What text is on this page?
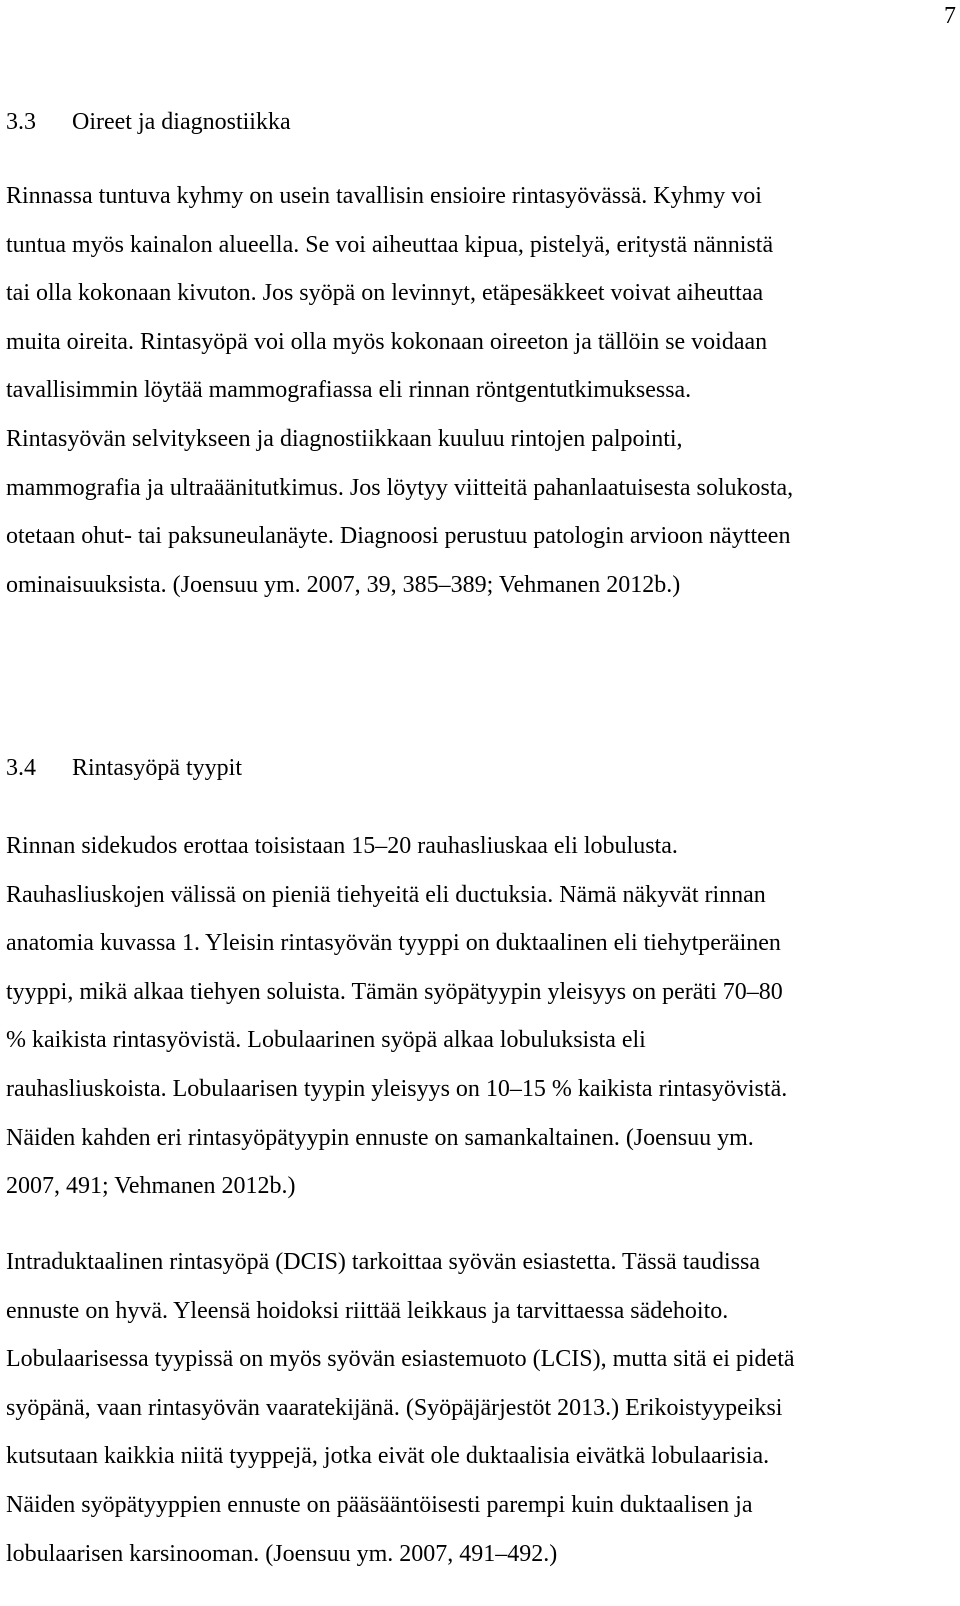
7
3.3 Oireet ja diagnostiikka
Rinnassa tuntuva kyhmy on usein tavallisin ensioire rintasyövässä. Kyhmy voi
tuntua myös kainalon alueella. Se voi aiheuttaa kipua, pistelyä, eritystä nännistä
tai olla kokonaan kivuton. Jos syöpä on levinnyt, etäpesäkkeet voivat aiheuttaa
muita oireita. Rintasyöpä voi olla myös kokonaan oireeton ja tällöin se voidaan
tavallisimmin löytää mammografiassa eli rinnan röntgentutkimuksessa.
Rintasyövän selvitykseen ja diagnostiikkaan kuuluu rintojen palpointi,
mammografia ja ultraäänitutkimus. Jos löytyy viitteitä pahanlaatuisesta solukosta,
otetaan ohut- tai paksuneulanäyte. Diagnoosi perustuu patologin arvioon näytteen
ominaisuuksista. (Joensuu ym. 2007, 39, 385–389; Vehmanen 2012b.)
3.4 Rintasyöpä tyypit
Rinnan sidekudos erottaa toisistaan 15–20 rauhasliuskaa eli lobulusta.
Rauhasliuskojen välissä on pieniä tiehyeitä eli ductuksia. Nämä näkyvät rinnan
anatomia kuvassa 1. Yleisin rintasyövän tyyppi on duktaalinen eli tiehytperäinen
tyyppi, mikä alkaa tiehyen soluista. Tämän syöpätyypin yleisyys on peräti 70–80
% kaikista rintasyövistä. Lobulaarinen syöpä alkaa lobuluksista eli
rauhasliuskoista. Lobulaarisen tyypin yleisyys on 10–15 % kaikista rintasyövistä.
Näiden kahden eri rintasyöpätyypin ennuste on samankaltainen. (Joensuu ym.
2007, 491; Vehmanen 2012b.)
Intraduktaalinen rintasyöpä (DCIS) tarkoittaa syövän esiastetta. Tässä taudissa
ennuste on hyvä. Yleensä hoidoksi riittää leikkaus ja tarvittaessa sädehoito.
Lobulaarisessa tyypissä on myös syövän esiastemuoto (LCIS), mutta sitä ei pidetä
syöpänä, vaan rintasyövän vaaratekijänä. (Syöpäjärjestöt 2013.) Erikoistyypeiksi
kutsutaan kaikkia niitä tyyppejä, jotka eivät ole duktaalisia eivätkä lobulaarisia.
Näiden syöpätyyppien ennuste on pääsääntöisesti parempi kuin duktaalisen ja
lobulaarisen karsinooman. (Joensuu ym. 2007, 491–492.)
